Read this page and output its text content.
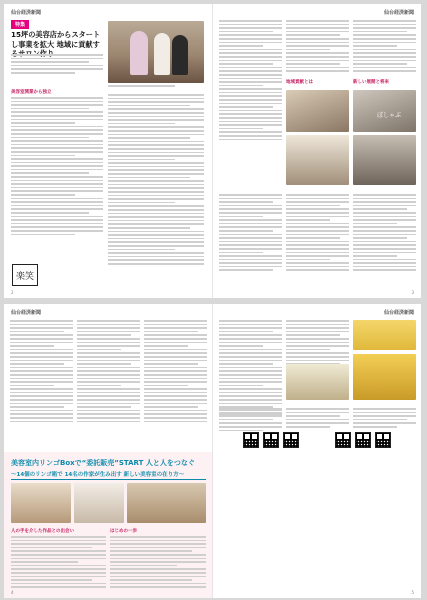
仙台経済新聞
特集
15坪の美容店からスタートし事業を拡大 地域に貢献す
美容室開業から独立
楽笑
2
仙台経済新聞
地域貢献とは	新しい展開と将来
ぽしゃぶ
3
仙台経済新聞
美容室内リンゴBoxで“委託販売”START 人と人をつなぐ
〜14個のリンゴ箱で 14名の作家が生み出す 新しい美容室の在り方〜
人の手を介した作品との出会い	はじめの一歩
4
仙台経済新聞
5
